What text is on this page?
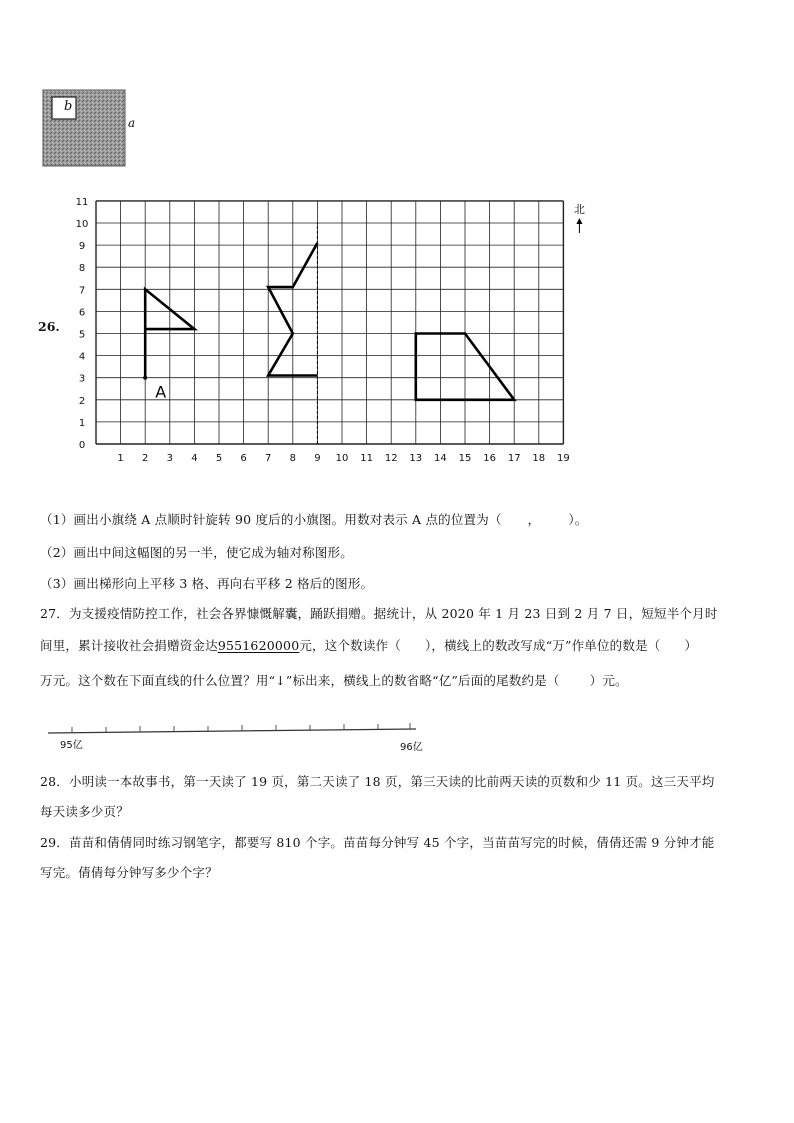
b
a
26.
1 2 3 4 5 6 7 8 9 10 11 12 13 14 15 16 17 18 19
0
1
2
3
4
5
6
7
8
9
10
11
A
北
（1）画出小旗绕 A 点顺时针旋转 90 度后的小旗图。用数对表示 A 点的位置为（ ， ）。
（2）画出中间这幅图的另一半，使它成为轴对称图形。
（3）画出梯形向上平移 3 格、再向右平移 2 格后的图形。
27．为支援疫情防控工作，社会各界慷慨解囊，踊跃捐赠。据统计，从 2020 年 1 月 23 日到 2 月 7 日，短短半个月时
间里，累计接收社会捐赠资金达9551620000元，这个数读作（ ），横线上的数改写成“万”作单位的数是（ ）
万元。这个数在下面直线的什么位置？用“↓”标出来，横线上的数省略“亿”后面的尾数约是（ ）元。
95亿	96亿
28．小明读一本故事书，第一天读了 19 页，第二天读了 18 页，第三天读的比前两天读的页数和少 11 页。这三天平均
每天读多少页？
29．苗苗和倩倩同时练习钢笔字，都要写 810 个字。苗苗每分钟写 45 个字，当苗苗写完的时候，倩倩还需 9 分钟才能
写完。倩倩每分钟写多少个字？
